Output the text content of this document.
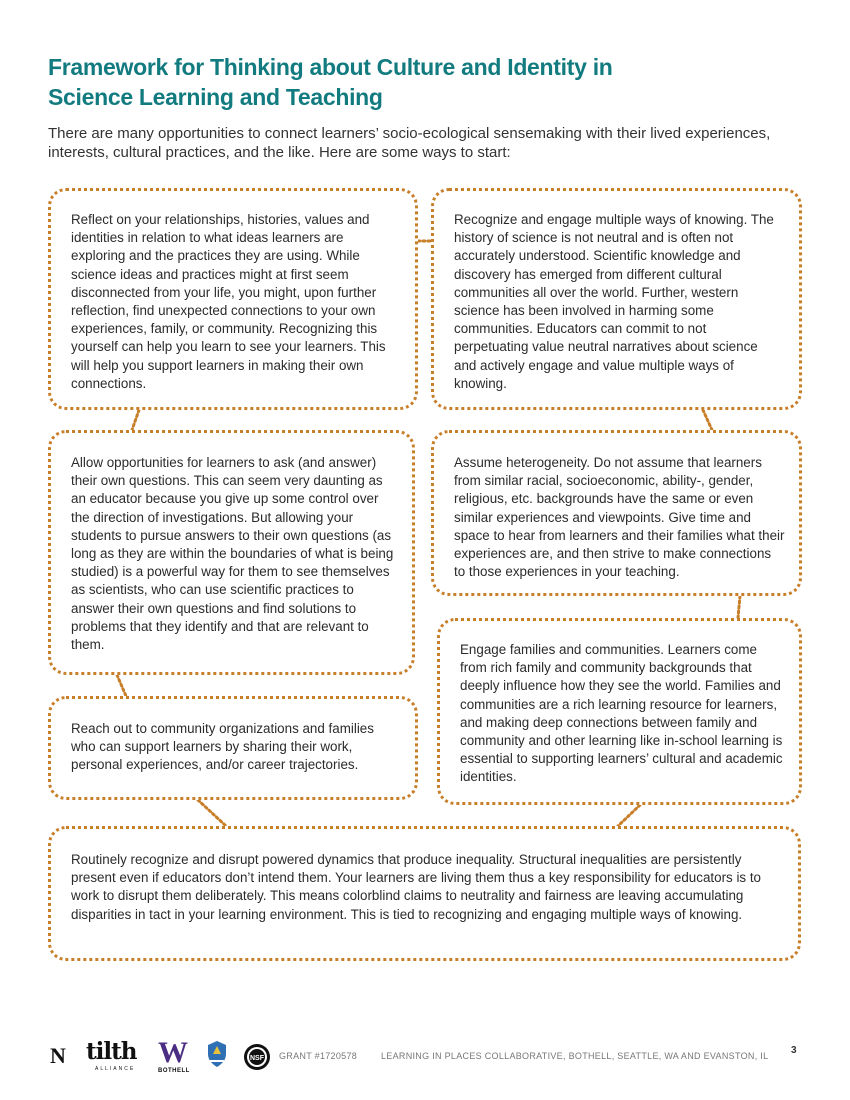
Framework for Thinking about Culture and Identity in
Science Learning and Teaching

There are many opportunities to connect learners’ socio-ecological sensemaking with their lived experiences, interests, cultural practices, and the like. Here are some ways to start:

Reflect on your relationships, histories, values and identities in relation to what ideas learners are exploring and the practices they are using. While science ideas and practices might at first seem disconnected from your life, you might, upon further reflection, find unexpected connections to your own experiences, family, or community. Recognizing this yourself can help you learn to see your learners. This will help you support learners in making their own connections.

Recognize and engage multiple ways of knowing. The history of science is not neutral and is often not accurately understood. Scientific knowledge and discovery has emerged from different cultural communities all over the world. Further, western science has been involved in harming some communities. Educators can commit to not perpetuating value neutral narratives about science and actively engage and value multiple ways of knowing.

Allow opportunities for learners to ask (and answer) their own questions. This can seem very daunting as an educator because you give up some control over the direction of investigations. But allowing your students to pursue answers to their own questions (as long as they are within the boundaries of what is being studied) is a powerful way for them to see themselves as scientists, who can use scientific practices to answer their own questions and find solutions to problems that they identify and that are relevant to them.

Assume heterogeneity. Do not assume that learners from similar racial, socioeconomic, ability-, gender, religious, etc. backgrounds have the same or even similar experiences and viewpoints. Give time and space to hear from learners and their families what their experiences are, and then strive to make connections to those experiences in your teaching.

Reach out to community organizations and families who can support learners by sharing their work, personal experiences, and/or career trajectories.

Engage families and communities. Learners come from rich family and community backgrounds that deeply influence how they see the world. Families and communities are a rich learning resource for learners, and making deep connections between family and community and other learning like in-school learning is essential to supporting learners’ cultural and academic identities.

Routinely recognize and disrupt powered dynamics that produce inequality. Structural inequalities are persistently present even if educators don’t intend them. Your learners are living them thus a key responsibility for educators is to work to disrupt them deliberately. This means colorblind claims to neutrality and fairness are leaving accumulating disparities in tact in your learning environment. This is tied to recognizing and engaging multiple ways of knowing.

N tilth
ALLIANCE W
BOTHELL
NSF GRANT #1720578	LEARNING IN PLACES COLLABORATIVE, BOTHELL, SEATTLE, WA AND EVANSTON, IL 3
